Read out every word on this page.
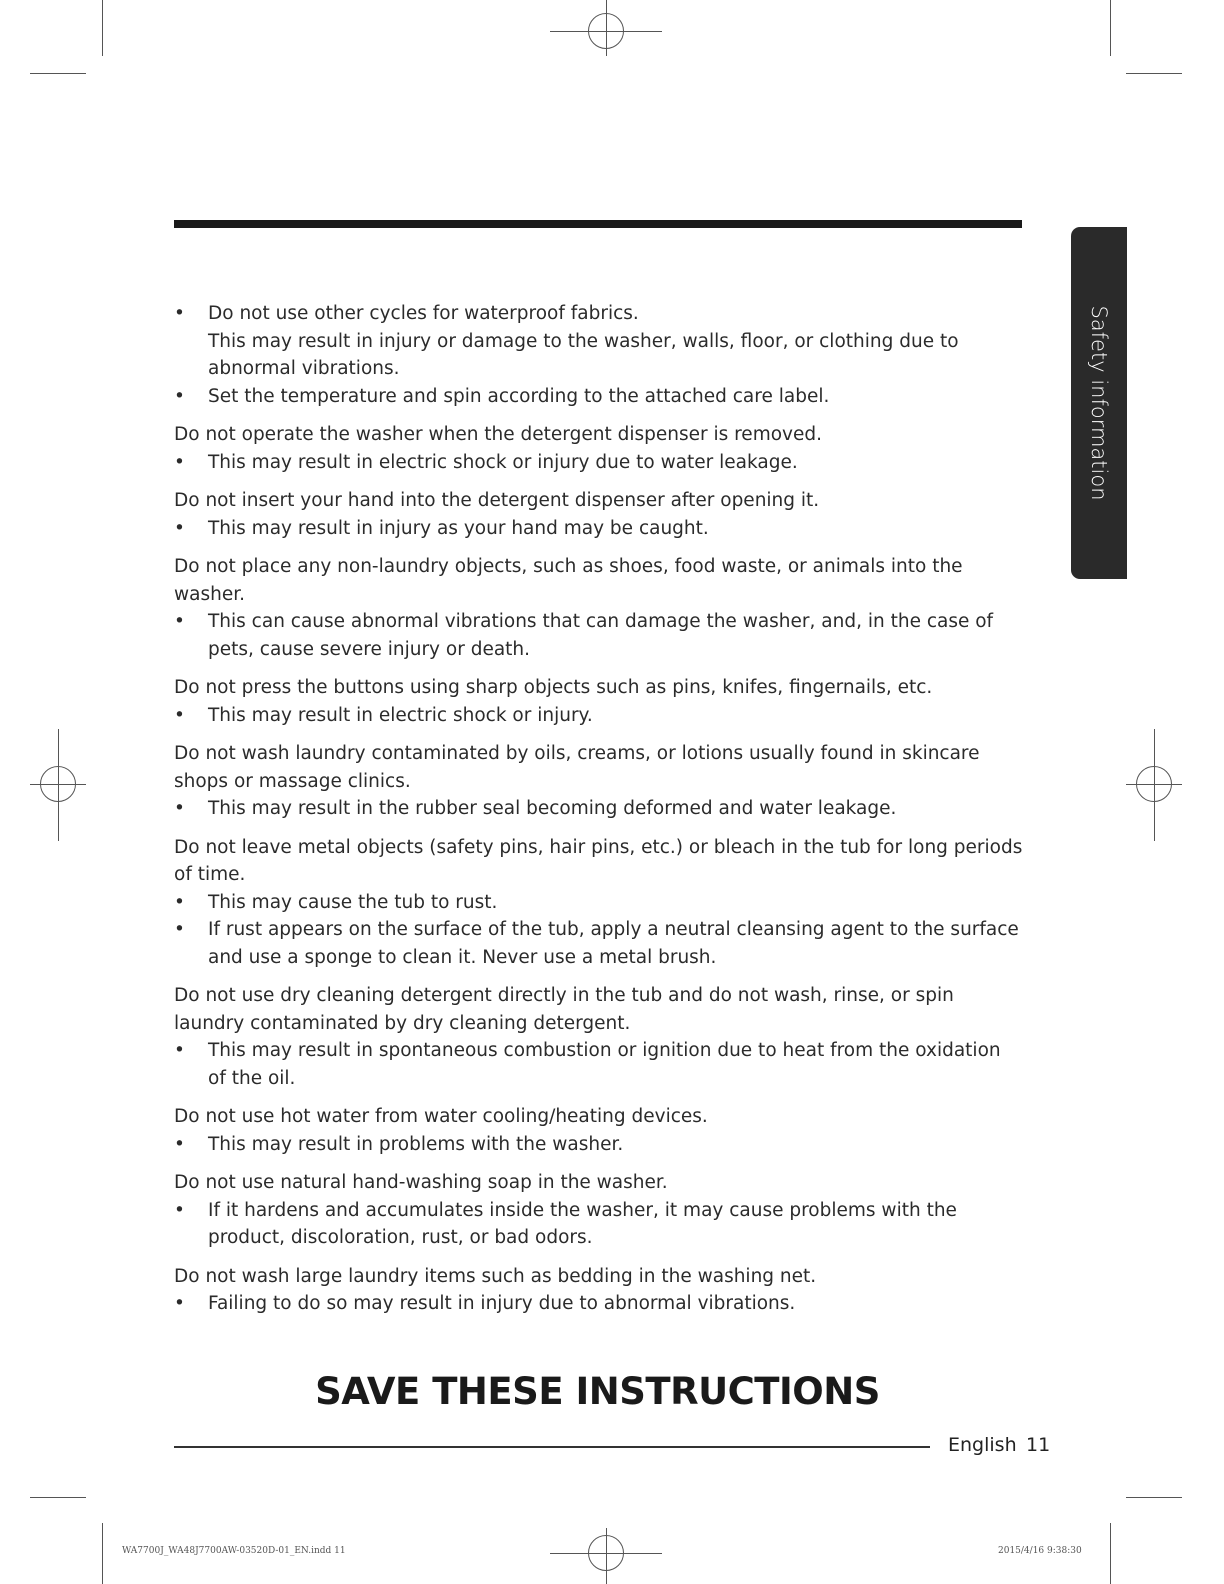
Safety information
• Do not use other cycles for waterproof fabrics.
This may result in injury or damage to the washer, walls, floor, or clothing due to abnormal vibrations.
• Set the temperature and spin according to the attached care label.

Do not operate the washer when the detergent dispenser is removed.

• This may result in electric shock or injury due to water leakage.

Do not insert your hand into the detergent dispenser after opening it.

• This may result in injury as your hand may be caught.

Do not place any non-laundry objects, such as shoes, food waste, or animals into the washer.

• This can cause abnormal vibrations that can damage the washer, and, in the case of pets, cause severe injury or death.

Do not press the buttons using sharp objects such as pins, knifes, fingernails, etc.

• This may result in electric shock or injury.

Do not wash laundry contaminated by oils, creams, or lotions usually found in skincare shops or massage clinics.

• This may result in the rubber seal becoming deformed and water leakage.

Do not leave metal objects (safety pins, hair pins, etc.) or bleach in the tub for long periods of time.

• This may cause the tub to rust.
• If rust appears on the surface of the tub, apply a neutral cleansing agent to the surface and use a sponge to clean it. Never use a metal brush.

Do not use dry cleaning detergent directly in the tub and do not wash, rinse, or spin laundry contaminated by dry cleaning detergent.

• This may result in spontaneous combustion or ignition due to heat from the oxidation of the oil.

Do not use hot water from water cooling/heating devices.

• This may result in problems with the washer.

Do not use natural hand-washing soap in the washer.

• If it hardens and accumulates inside the washer, it may cause problems with the product, discoloration, rust, or bad odors.

Do not wash large laundry items such as bedding in the washing net.

• Failing to do so may result in injury due to abnormal vibrations.
SAVE THESE INSTRUCTIONS
English 11
WA7700J_WA48J7700AW-03520D-01_EN.indd 11	2015/4/16 9:38:30
